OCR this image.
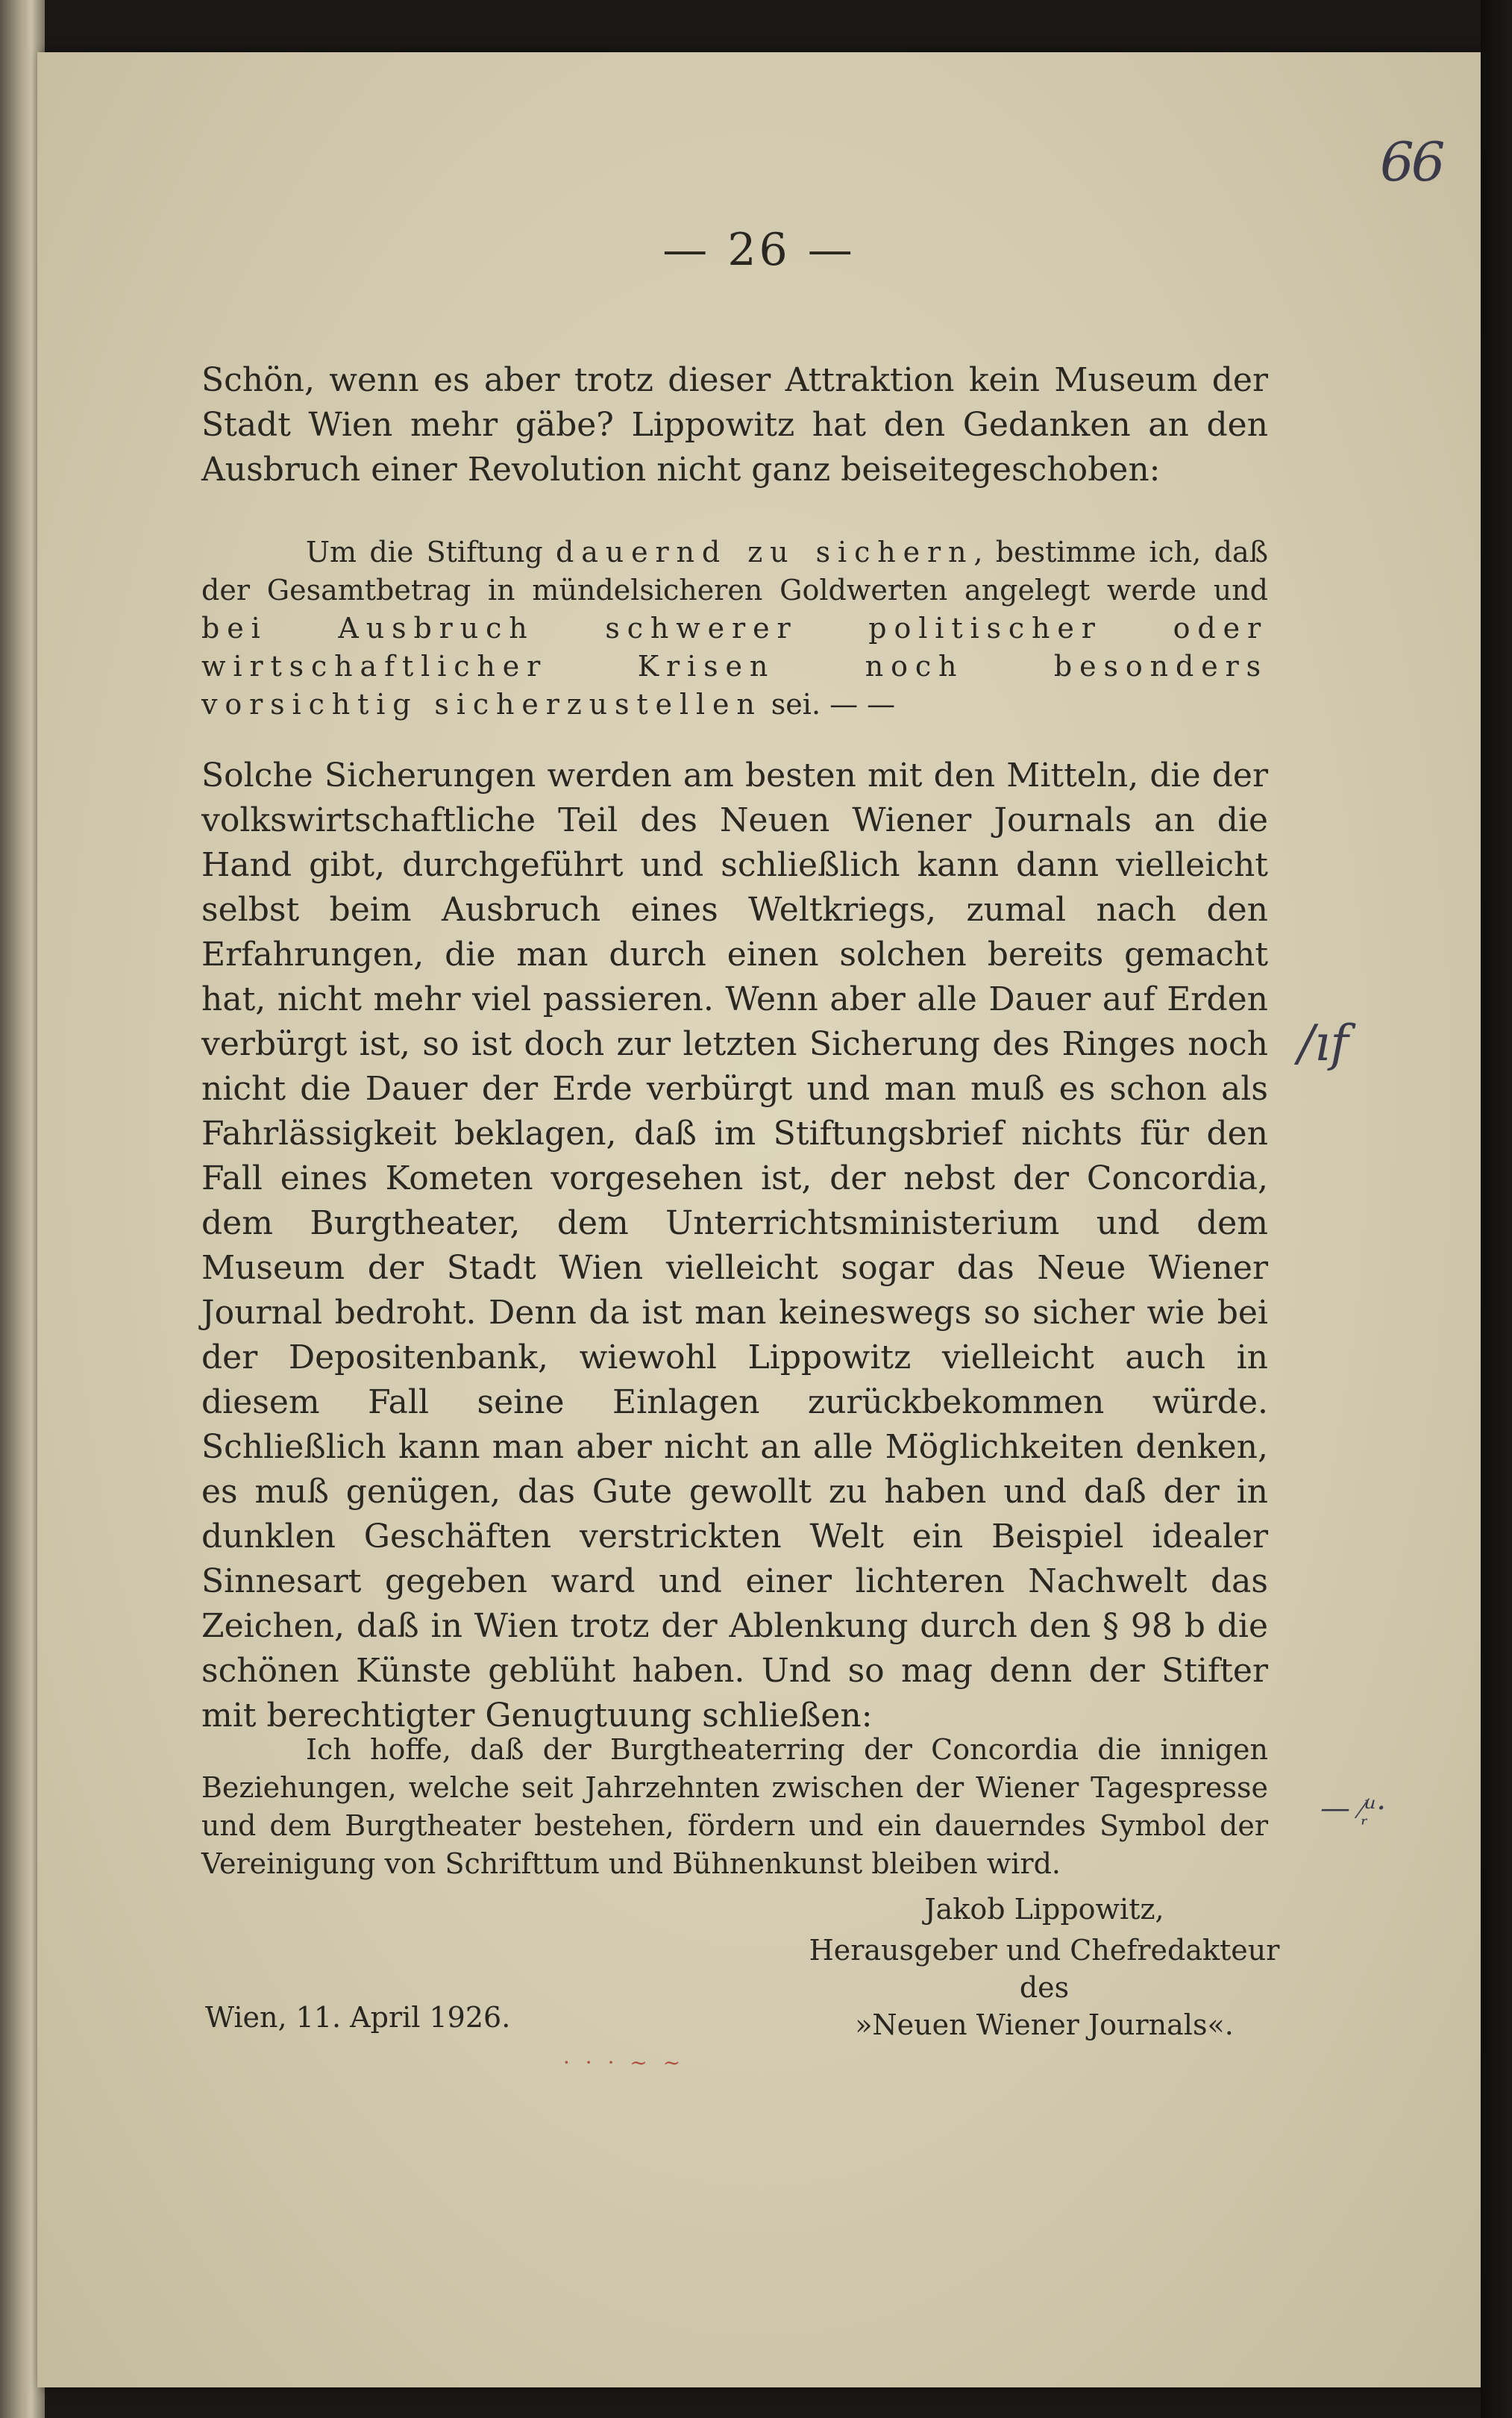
66
— 26 —

Schön, wenn es aber trotz dieser Attraktion kein Museum der Stadt Wien mehr gäbe? Lippowitz hat den Gedanken an den Ausbruch einer Revolution nicht ganz beiseitegeschoben:

Um die Stiftung dauernd zu sichern, bestimme ich, daß der Gesamtbetrag in mündelsicheren Goldwerten angelegt werde und bei Ausbruch schwerer politischer oder wirtschaftlicher Krisen noch besonders vorsichtig sicherzustellen sei. — —

Solche Sicherungen werden am besten mit den Mitteln, die der volkswirtschaftliche Teil des Neuen Wiener Journals an die Hand gibt, durchgeführt und schließlich kann dann vielleicht selbst beim Ausbruch eines Weltkriegs, zumal nach den Erfahrungen, die man durch einen solchen bereits gemacht hat, nicht mehr viel passieren. Wenn aber alle Dauer auf Erden verbürgt ist, so ist doch zur letzten Sicherung des Ringes noch nicht die Dauer der Erde verbürgt und man muß es schon als Fahrlässigkeit beklagen, daß im Stiftungsbrief nichts für den Fall eines Kometen vorgesehen ist, der nebst der Concordia, dem Burgtheater, dem Unterrichtsministerium und dem Museum der Stadt Wien vielleicht sogar das Neue Wiener Journal bedroht. Denn da ist man keineswegs so sicher wie bei der Depositenbank, wiewohl Lippowitz vielleicht auch in diesem Fall seine Einlagen zurückbekommen würde. Schließlich kann man aber nicht an alle Möglichkeiten denken, es muß genügen, das Gute gewollt zu haben und daß der in dunklen Geschäften verstrickten Welt ein Beispiel idealer Sinnesart gegeben ward und einer lichteren Nachwelt das Zeichen, daß in Wien trotz der Ablenkung durch den § 98 b die schönen Künste geblüht haben. Und so mag denn der Stifter mit berechtigter Genugtuung schließen:

Ich hoffe, daß der Burgtheaterring der Concordia die innigen Beziehungen, welche seit Jahrzehnten zwischen der Wiener Tagespresse und dem Burgtheater bestehen, fördern und ein dauerndes Symbol der Vereinigung von Schrifttum und Bühnenkunst bleiben wird.

Jakob Lippowitz,
Herausgeber und Chefredakteur
des
»Neuen Wiener Journals«.
Wien, 11. April 1926.
/ıf
— ⁄᷊ᵘ·
· · · ~ ~
